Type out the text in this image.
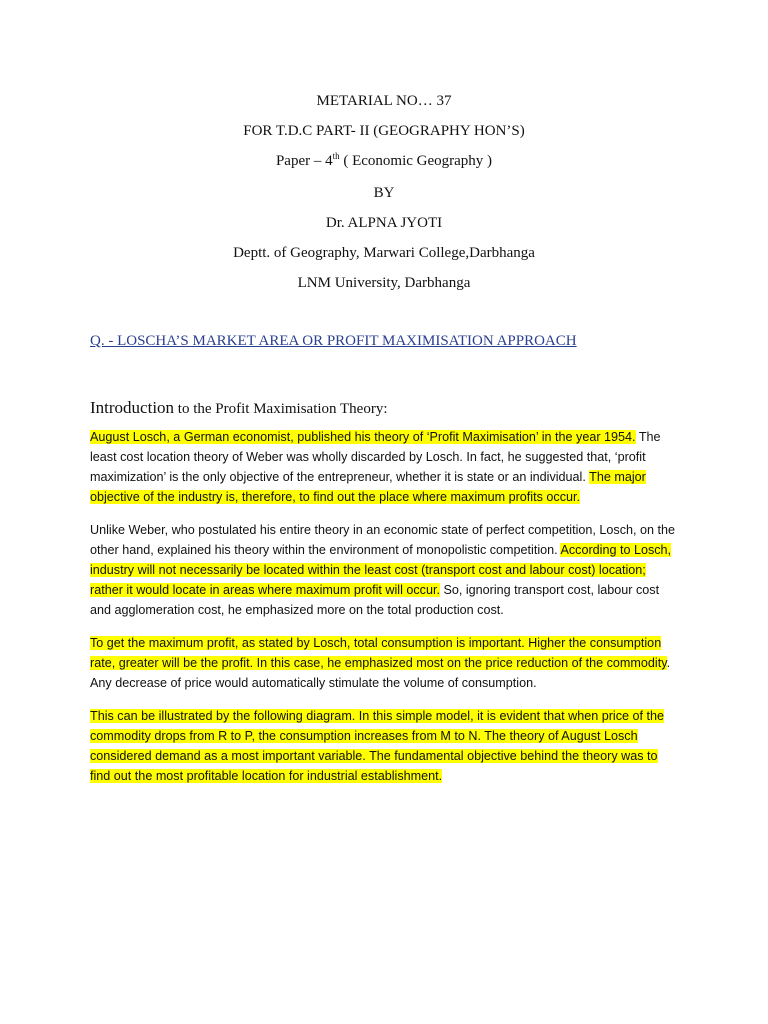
METARIAL NO… 37
FOR T.D.C PART- II (GEOGRAPHY HON’S)
Paper – 4th ( Economic Geography )
BY
Dr. ALPNA JYOTI
Deptt. of Geography, Marwari College,Darbhanga
LNM University, Darbhanga
Q. - LOSCHA’S MARKET AREA OR PROFIT MAXIMISATION APPROACH
Introduction to the Profit Maximisation Theory:
August Losch, a German economist, published his theory of ‘Profit Maximisation’ in the year 1954. The least cost location theory of Weber was wholly discarded by Losch. In fact, he suggested that, ‘profit maximization’ is the only objective of the entrepreneur, whether it is state or an individual. The major objective of the industry is, therefore, to find out the place where maximum profits occur.
Unlike Weber, who postulated his entire theory in an economic state of perfect competition, Losch, on the other hand, explained his theory within the environment of monopolistic competition. According to Losch, industry will not necessarily be located within the least cost (transport cost and labour cost) location; rather it would locate in areas where maximum profit will occur. So, ignoring transport cost, labour cost and agglomeration cost, he emphasized more on the total production cost.
To get the maximum profit, as stated by Losch, total consumption is important. Higher the consumption rate, greater will be the profit. In this case, he emphasized most on the price reduction of the commodity. Any decrease of price would automatically stimulate the volume of consumption.
This can be illustrated by the following diagram. In this simple model, it is evident that when price of the commodity drops from R to P, the consumption increases from M to N. The theory of August Losch considered demand as a most important variable. The fundamental objective behind the theory was to find out the most profitable location for industrial establishment.
